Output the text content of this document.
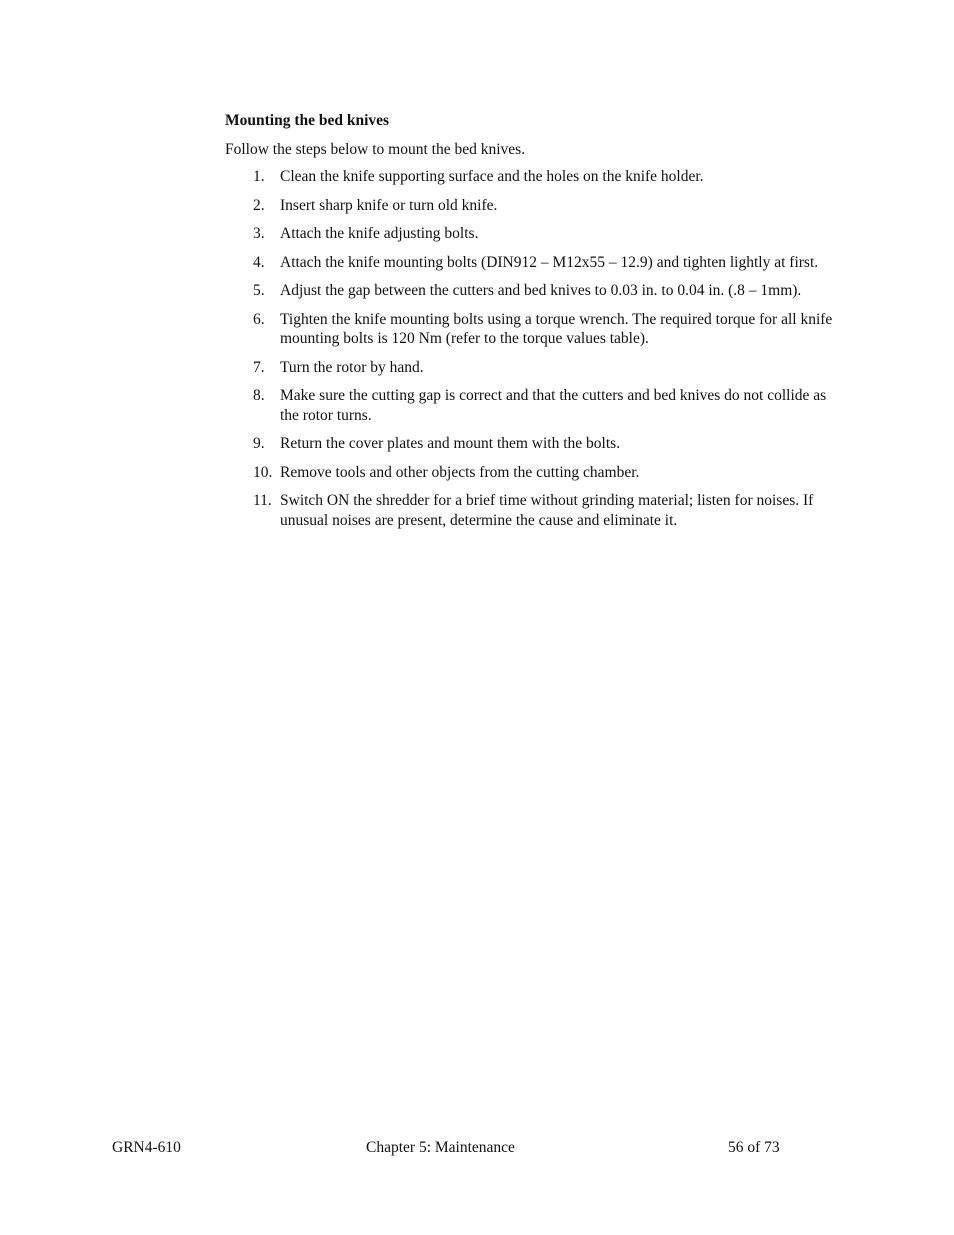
Mounting the bed knives
Follow the steps below to mount the bed knives.
1. Clean the knife supporting surface and the holes on the knife holder.
2. Insert sharp knife or turn old knife.
3. Attach the knife adjusting bolts.
4. Attach the knife mounting bolts (DIN912 – M12x55 – 12.9) and tighten lightly at first.
5. Adjust the gap between the cutters and bed knives to 0.03 in. to 0.04 in. (.8 – 1mm).
6. Tighten the knife mounting bolts using a torque wrench. The required torque for all knife mounting bolts is 120 Nm (refer to the torque values table).
7. Turn the rotor by hand.
8. Make sure the cutting gap is correct and that the cutters and bed knives do not collide as the rotor turns.
9. Return the cover plates and mount them with the bolts.
10. Remove tools and other objects from the cutting chamber.
11. Switch ON the shredder for a brief time without grinding material; listen for noises. If unusual noises are present, determine the cause and eliminate it.
GRN4-610	Chapter 5: Maintenance	56 of 73
